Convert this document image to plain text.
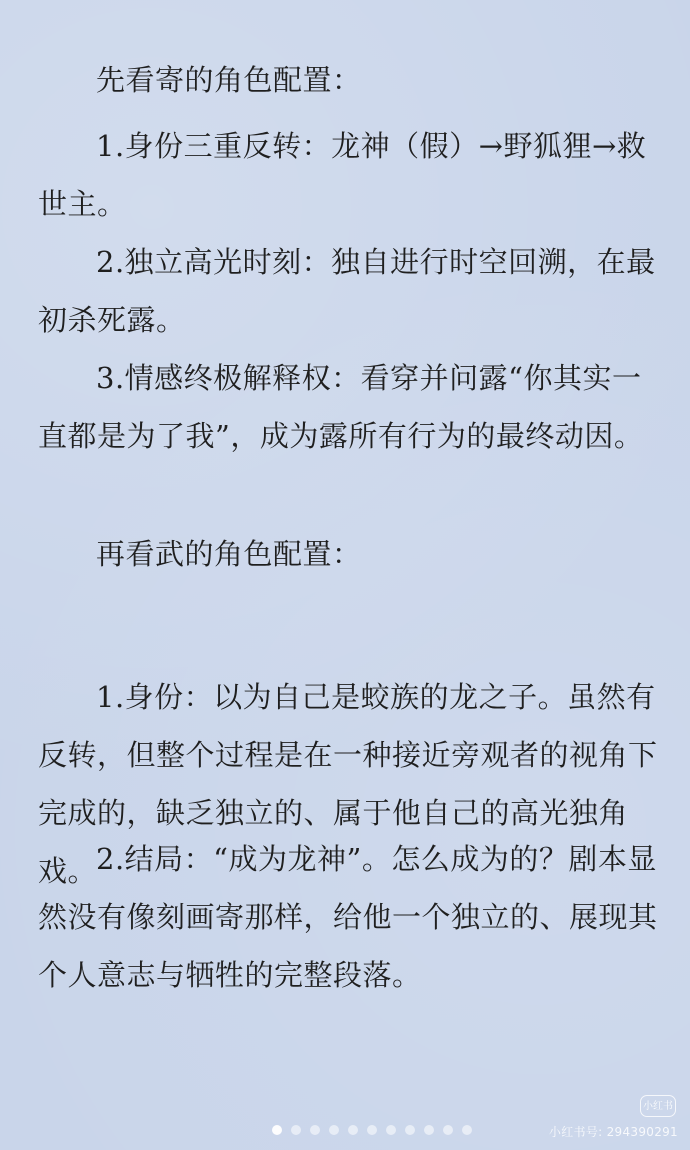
先看寄的角色配置：

1.身份三重反转：龙神（假）→野狐狸→救世主。

2.独立高光时刻：独自进行时空回溯，在最初杀死露。

3.情感终极解释权：看穿并问露“你其实一直都是为了我”，成为露所有行为的最终动因。

再看武的角色配置：

1.身份：以为自己是蛟族的龙之子。虽然有反转，但整个过程是在一种接近旁观者的视角下完成的，缺乏独立的、属于他自己的高光独角戏。

2.结局：“成为龙神”。怎么成为的？剧本显然没有像刻画寄那样，给他一个独立的、展现其个人意志与牺牲的完整段落。

小红书
小红书号: 294390291
